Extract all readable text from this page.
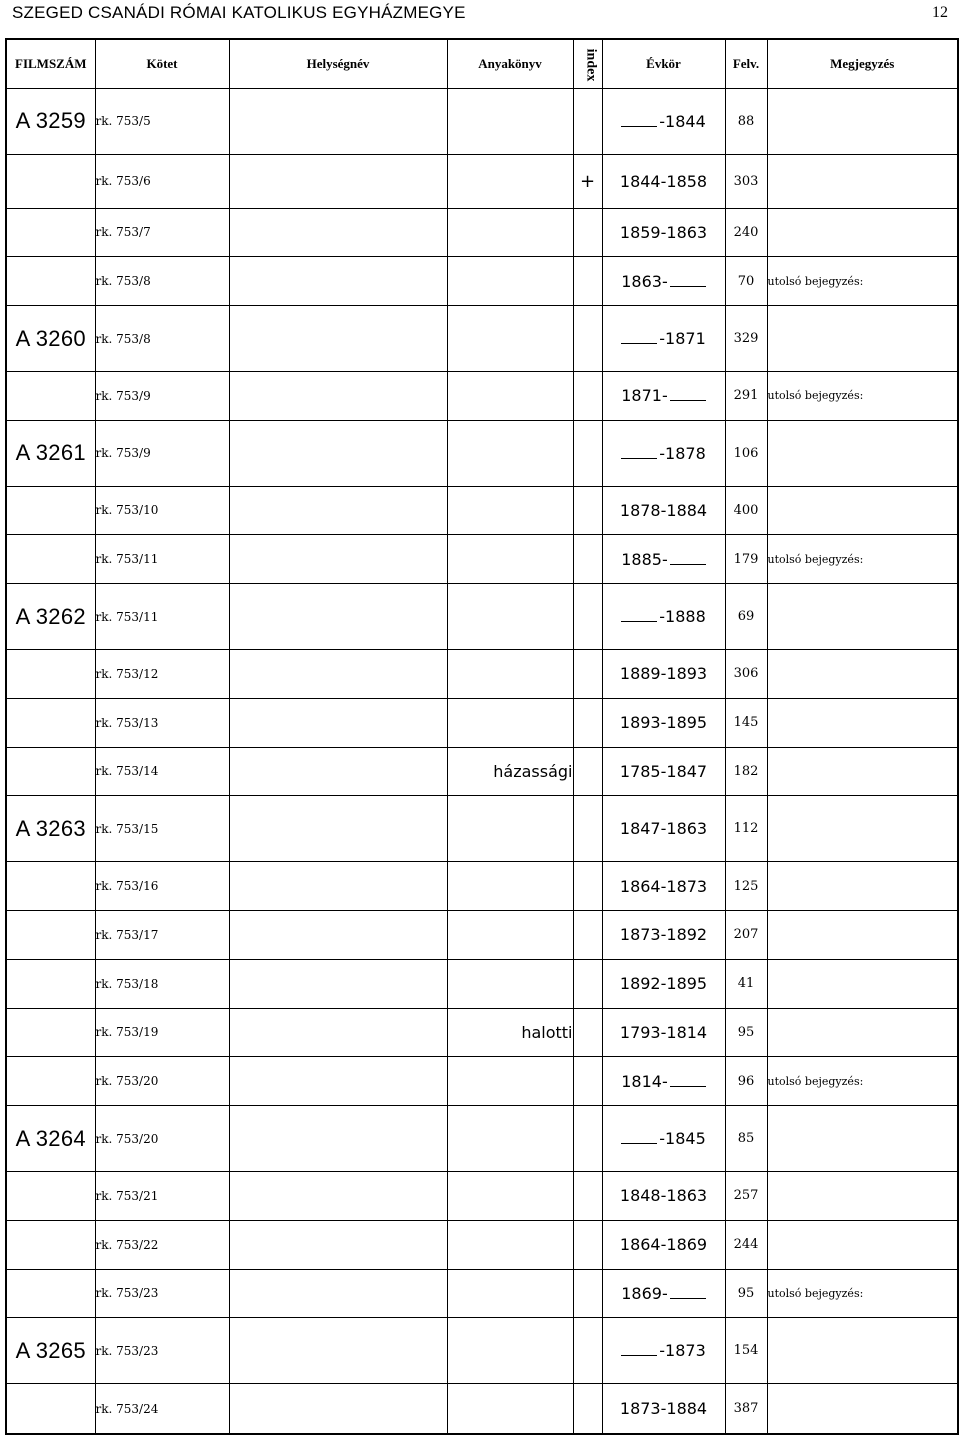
SZEGED CSANÁDI RÓMAI KATOLIKUS EGYHÁZMEGYE	12
FILMSZÁM	Kötet	Helységnév	Anyakönyv	index	Évkör	Felv.	Megjegyzés
A 3259	rk. 753/5				-1844	88	
	rk. 753/6			+	1844-1858	303	
	rk. 753/7				1859-1863	240	
	rk. 753/8				1863-	70	utolsó bejegyzés:
A 3260	rk. 753/8				-1871	329	
	rk. 753/9				1871-	291	utolsó bejegyzés:
A 3261	rk. 753/9				-1878	106	
	rk. 753/10				1878-1884	400	
	rk. 753/11				1885-	179	utolsó bejegyzés:
A 3262	rk. 753/11				-1888	69	
	rk. 753/12				1889-1893	306	
	rk. 753/13				1893-1895	145	
	rk. 753/14		házassági		1785-1847	182	
A 3263	rk. 753/15				1847-1863	112	
	rk. 753/16				1864-1873	125	
	rk. 753/17				1873-1892	207	
	rk. 753/18				1892-1895	41	
	rk. 753/19		halotti		1793-1814	95	
	rk. 753/20				1814-	96	utolsó bejegyzés:
A 3264	rk. 753/20				-1845	85	
	rk. 753/21				1848-1863	257	
	rk. 753/22				1864-1869	244	
	rk. 753/23				1869-	95	utolsó bejegyzés:
A 3265	rk. 753/23				-1873	154	
	rk. 753/24				1873-1884	387	
